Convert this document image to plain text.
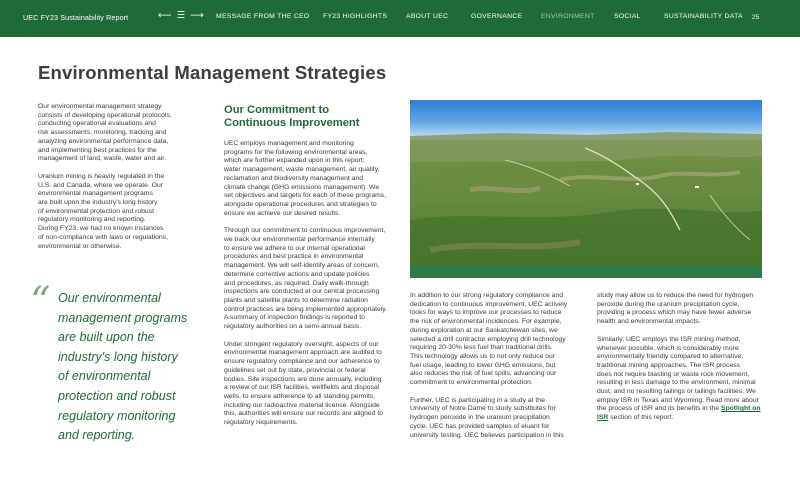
UEC FY23 Sustainability Report	⟵ ☰ ⟶ MESSAGE FROM THE CEO FY23 HIGHLIGHTS	ABOUT UEC	GOVERNANCE	ENVIRONMENT	SOCIAL	SUSTAINABILITY DATA 25
Environmental Management Strategies

Our environmental management strategy
consists of developing operational protocols,
conducting operational evaluations and
risk assessments, monitoring, tracking and
analyzing environmental performance data,
and implementing best practices for the
management of land, waste, water and air.

Uranium mining is heavily regulated in the
U.S. and Canada, where we operate. Our
environmental management programs
are built upon the industry's long history
of environmental protection and robust
regulatory monitoring and reporting.
During FY23, we had no known instances
of non-compliance with laws or regulations,
environmental or otherwise.

“ Our environmental
management programs
are built upon the
industry's long history
of environmental
protection and robust
regulatory monitoring
and reporting.

Our Commitment to
Continuous Improvement

UEC employs management and monitoring
programs for the following environmental areas,
which are further expanded upon in this report:
water management, waste management, air quality,
reclamation and biodiversity management and
climate change (GHG emissions management). We
set objectives and targets for each of these programs,
alongside operational procedures and strategies to
ensure we achieve our desired results.

Through our commitment to continuous improvement,
we track our environmental performance internally
to ensure we adhere to our internal operational
procedures and best practice in environmental
management. We will self-identify areas of concern,
determine corrective actions and update policies
and procedures, as required. Daily walk-through
inspections are conducted at our central processing
plants and satellite plants to determine radiation
control practices are being implemented appropriately.
A summary of inspection findings is reported to
regulatory authorities on a semi-annual basis.

Under stringent regulatory oversight, aspects of our
environmental management approach are audited to
ensure regulatory compliance and our adherence to
guidelines set out by state, provincial or federal
bodies. Site inspections are done annually, including
a review of our ISR facilities, wellfields and disposal
wells, to ensure adherence to all standing permits,
including our radioactive material license. Alongside
this, authorities will ensure our records are aligned to
regulatory requirements.

In addition to our strong regulatory compliance and
dedication to continuous improvement, UEC actively
looks for ways to improve our processes to reduce
the risk of environmental incidences. For example,
during exploration at our Saskatchewan sites, we
selected a drill contractor employing drill technology
requiring 20-30% less fuel than traditional drills.
This technology allows us to not only reduce our
fuel usage, leading to lower GHG emissions, but
also reduces the risk of fuel spills, advancing our
commitment to environmental protection.

Further, UEC is participating in a study at the
University of Notre Dame to study substitutes for
hydrogen peroxide in the uranium precipitation
cycle. UEC has provided samples of eluant for
university testing. UEC believes participation in this

study may allow us to reduce the need for hydrogen
peroxide during the uranium precipitation cycle,
providing a process which may have fewer adverse
health and environmental impacts.

Similarly, UEC employs the ISR mining method,
whenever possible, which is considerably more
environmentally friendly compared to alternative,
traditional mining approaches. The ISR process
does not require blasting or waste rock movement,
resulting in less damage to the environment, minimal
dust, and no resulting tailings or tailings facilities. We
employ ISR in Texas and Wyoming. Read more about
the process of ISR and its benefits in the Spotlight on
ISR section of this report.
